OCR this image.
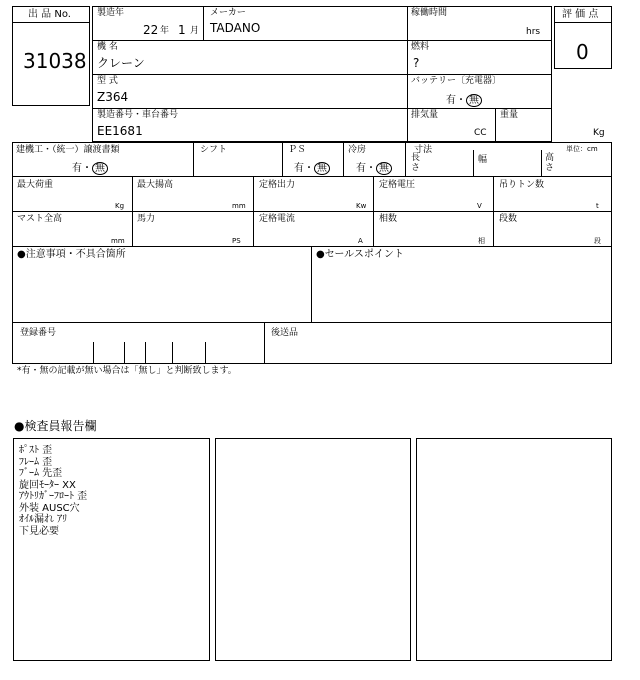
出 品 No.
31038
評 価 点
0
製造年
22 年 1 月
メーカー
TADANO
稼働時間
hrs
機 名
クレーン
燃料
?
型 式
Z364
バッテリー〔充電器〕
有・ 無
製造番号・車台番号
EE1681
排気量
CC
重量
Kg
建機工・（統一）譲渡書類
有・ 無
シフト	ＰＳ
有・ 無
冷房
有・ 無
寸法
長
さ
幅	高
さ
単位：cm
最大荷重
Kg
最大揚高
mm
定格出力
Kw
定格電圧
V
吊りトン数
t
マスト全高
mm
馬力
PS
定格電流
A
相数
相
段数
段
●注意事項・不具合箇所	●セールスポイント
登録番号	後送品
*有・無の記載が無い場合は「無し」と判断致します。
●検査員報告欄
ﾎﾟｽﾄ 歪
ﾌﾚｰﾑ 歪
ﾌﾞｰﾑ 先歪
旋回ﾓｰﾀｰ XX
ｱｳﾄﾘｶﾞｰﾌﾛｰﾄ 歪
外装 AUSC穴
ｵｲﾙ漏れ ｱﾘ
下見必要
